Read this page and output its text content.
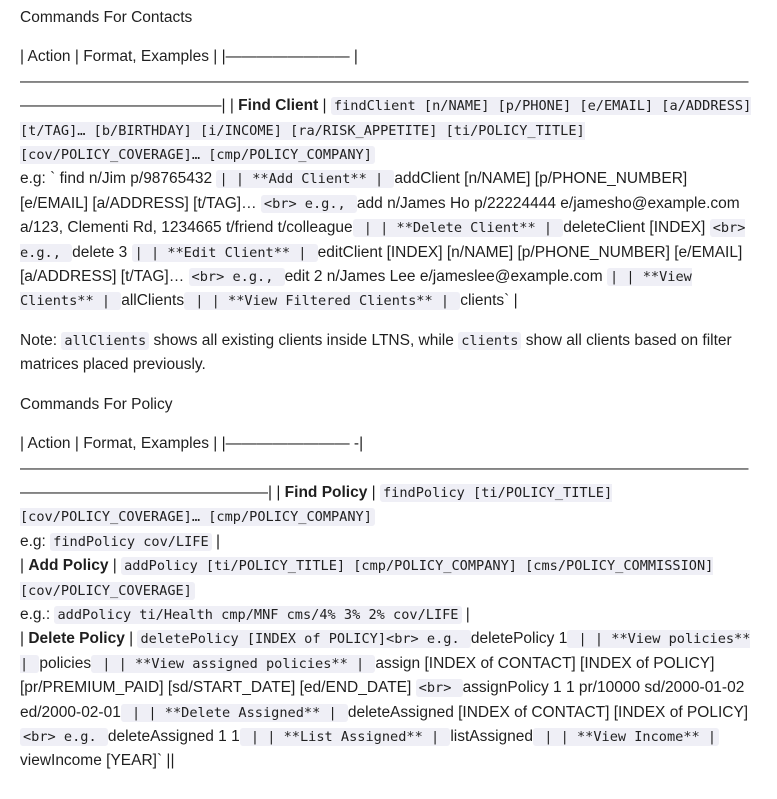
Commands For Contacts

| Action | Format, Examples | |———————— |————————————————————————————————————————————————————————————| | Find Client | findClient [n/NAME] [p/PHONE] [e/EMAIL] [a/ADDRESS] [t/TAG]… [b/BIRTHDAY] [i/INCOME] [ra/RISK_APPETITE] [ti/POLICY_TITLE] [cov/POLICY_COVERAGE]… [cmp/POLICY_COMPANY]
e.g: ` find n/Jim p/98765432 | | **Add Client** | addClient [n/NAME] [p/PHONE_NUMBER] [e/EMAIL] [a/ADDRESS] [t/TAG]… <br> e.g., add n/James Ho p/22224444 e/jamesho@example.com a/123, Clementi Rd, 1234665 t/friend t/colleague | | **Delete Client** | deleteClient [INDEX] <br> e.g., delete 3 | | **Edit Client** | editClient [INDEX] [n/NAME] [p/PHONE_NUMBER] [e/EMAIL] [a/ADDRESS] [t/TAG]… <br> e.g., edit 2 n/James Lee e/jameslee@example.com | | **View Clients** | allClients | | **View Filtered Clients** | clients` |

Note: allClients shows all existing clients inside LTNS, while clients show all clients based on filter matrices placed previously.

Commands For Policy

| Action | Format, Examples | |———————— -|———————————————————————————————————————————————————————————————| | Find Policy | findPolicy [ti/POLICY_TITLE] [cov/POLICY_COVERAGE]… [cmp/POLICY_COMPANY]
e.g: findPolicy cov/LIFE |
| Add Policy | addPolicy [ti/POLICY_TITLE] [cmp/POLICY_COMPANY] [cms/POLICY_COMMISSION] [cov/POLICY_COVERAGE]
e.g.: addPolicy ti/Health cmp/MNF cms/4% 3% 2% cov/LIFE |
| Delete Policy | deletePolicy [INDEX of POLICY]<br> e.g. deletePolicy 1 | | **View policies** | policies | | **View assigned policies** | assign [INDEX of CONTACT] [INDEX of POLICY] [pr/PREMIUM_PAID] [sd/START_DATE] [ed/END_DATE] <br> assignPolicy 1 1 pr/10000 sd/2000-01-02 ed/2000-02-01 | | **Delete Assigned** | deleteAssigned [INDEX of CONTACT] [INDEX of POLICY] <br> e.g. deleteAssigned 1 1 | | **List Assigned** | listAssigned | | **View Income** | viewIncome [YEAR]` ||
